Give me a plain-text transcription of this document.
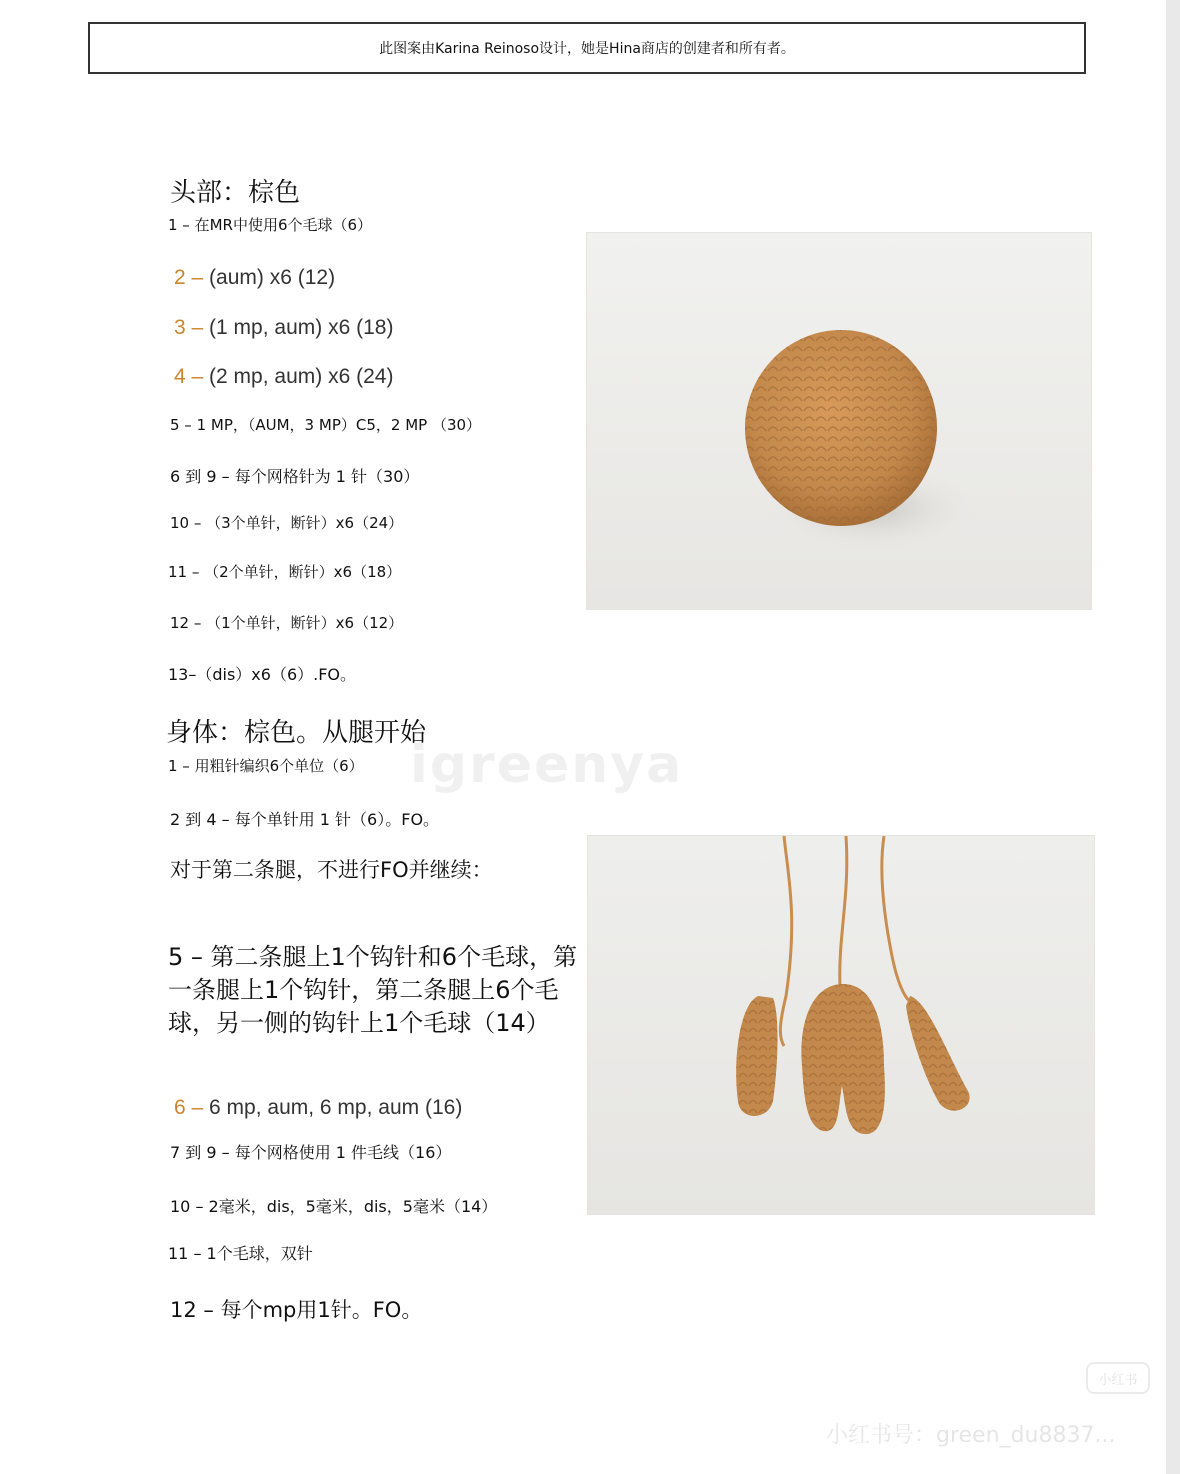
此图案由Karina Reinoso设计，她是Hina商店的创建者和所有者。
头部：棕色
1 – 在MR中使用6个毛球（6）
2 – (aum) x6 (12)
3 – (1 mp, aum) x6 (18)
4 – (2 mp, aum) x6 (24)
5 – 1 MP，（AUM，3 MP）C5，2 MP （30）
6 到 9 – 每个网格针为 1 针（30）
10 – （3个单针，断针）x6（24）
11 – （2个单针，断针）x6（18）
12 – （1个单针，断针）x6（12）
13–（dis）x6（6）.FO。
身体：棕色。从腿开始
1 – 用粗针编织6个单位（6） igreenya
2 到 4 – 每个单针用 1 针（6）。FO。
对于第二条腿，不进行FO并继续：
5 – 第二条腿上1个钩针和6个毛球，第一条腿上1个钩针，第二条腿上6个毛球，另一侧的钩针上1个毛球（14）
6 – 6 mp, aum, 6 mp, aum (16)
7 到 9 – 每个网格使用 1 件毛线（16）
10 – 2毫米，dis，5毫米，dis，5毫米（14）
11 – 1个毛球，双针
12 – 每个mp用1针。FO。
小红书
小红书号：green_du8837...
